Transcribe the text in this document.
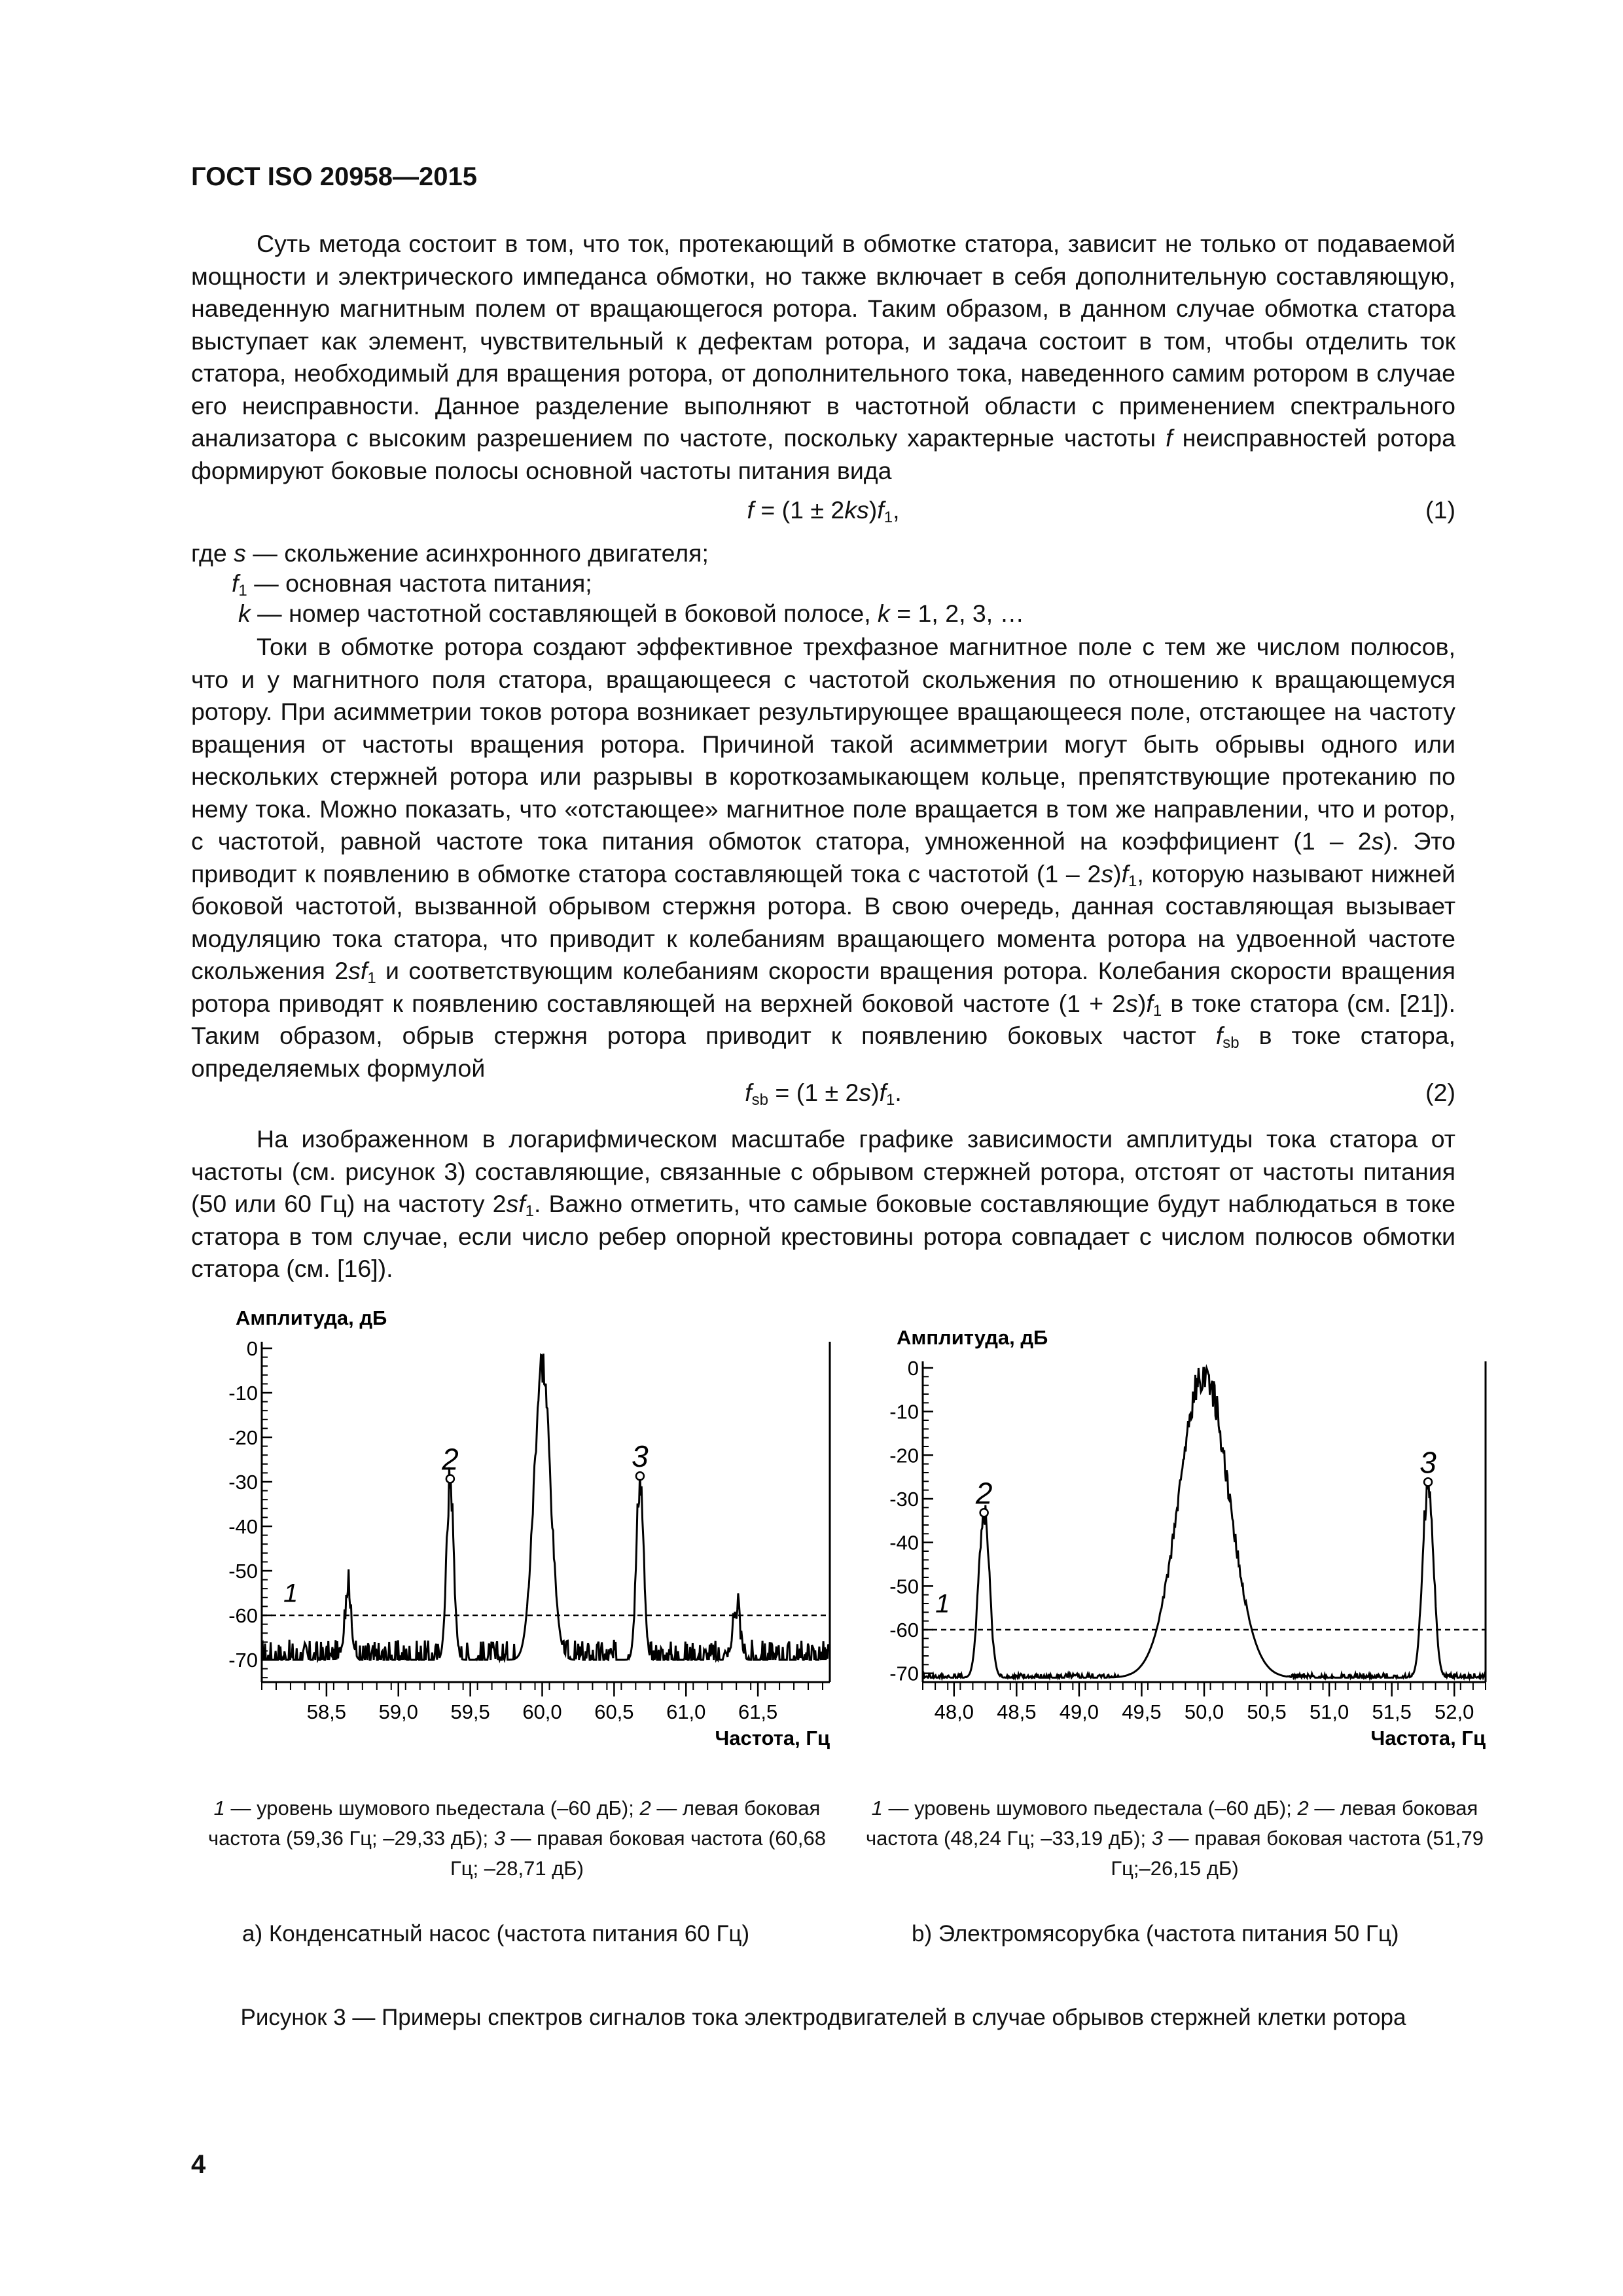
ГОСТ ISO 20958—2015

Суть метода состоит в том, что ток, протекающий в обмотке статора, зависит не только от подаваемой мощности и электрического импеданса обмотки, но также включает в себя дополнительную составляющую, наведенную магнитным полем от вращающегося ротора. Таким образом, в данном случае обмотка статора выступает как элемент, чувствительный к дефектам ротора, и задача состоит в том, чтобы отделить ток статора, необходимый для вращения ротора, от дополнительного тока, наведенного самим ротором в случае его неисправности. Данное разделение выполняют в частотной области с применением спектрального анализатора с высоким разрешением по частоте, поскольку характерные частоты f неисправностей ротора формируют боковые полосы основной частоты питания вида

$f = (1 \pm 2ks)f_1$,	(1)
где s — скольжение асинхронного двигателя;
$f_1$ — основная частота питания;
k — номер частотной составляющей в боковой полосе, k = 1, 2, 3, …

Токи в обмотке ротора создают эффективное трехфазное магнитное поле с тем же числом полюсов, что и у магнитного поля статора, вращающееся с частотой скольжения по отношению к вращающемуся ротору. При асимметрии токов ротора возникает результирующее вращающееся поле, отстающее на частоту вращения от частоты вращения ротора. Причиной такой асимметрии могут быть обрывы одного или нескольких стержней ротора или разрывы в короткозамыкающем кольце, препятствующие протеканию по нему тока. Можно показать, что «отстающее» магнитное поле вращается в том же направлении, что и ротор, с частотой, равной частоте тока питания обмоток статора, умноженной на коэффициент (1 – 2s). Это приводит к появлению в обмотке статора составляющей тока с частотой $(1 - 2s)f_1$, которую называют нижней боковой частотой, вызванной обрывом стержня ротора. В свою очередь, данная составляющая вызывает модуляцию тока статора, что приводит к колебаниям вращающего момента ротора на удвоенной частоте скольжения $2sf_1$ и соответствующим колебаниям скорости вращения ротора. Колебания скорости вращения ротора приводят к появлению составляющей на верхней боковой частоте $(1 + 2s)f_1$ в токе статора (см. [21]). Таким образом, обрыв стержня ротора приводит к появлению боковых частот $f_{sb}$ в токе статора, определяемых формулой

$f_{sb} = (1 \pm 2s)f_1$.	(2)

На изображенном в логарифмическом масштабе графике зависимости амплитуды тока статора от частоты (см. рисунок 3) составляющие, связанные с обрывом стержней ротора, отстоят от частоты питания (50 или 60 Гц) на частоту $2sf_1$. Важно отметить, что самые боковые составляющие будут наблюдаться в токе статора в том случае, если число ребер опорной крестовины ротора совпадает с числом полюсов обмотки статора (см. [16]).

Амплитуда, дБ
0
-10
-20
-30
-40
-50
-60
-70
58,5 59,0 59,5 60,0 60,5 61,0 61,5
Частота, Гц
1
2	3
Амплитуда, дБ
0
-10
-20
-30
-40
-50
-60
-70
48,0 48,5 49,0 49,5 50,0 50,5 51,0 51,5 52,0
Частота, Гц
1
2
3
1 — уровень шумового пьедестала (–60 дБ); 2 — левая боковая частота (59,36 Гц; –29,33 дБ); 3 — правая боковая частота (60,68 Гц; –28,71 дБ)
1 — уровень шумового пьедестала (–60 дБ); 2 — левая боковая частота (48,24 Гц; –33,19 дБ); 3 — правая боковая частота (51,79 Гц;–26,15 дБ)
a) Конденсатный насос (частота питания 60 Гц)	b) Электромясорубка (частота питания 50 Гц)
Рисунок 3 — Примеры спектров сигналов тока электродвигателей в случае обрывов стержней клетки ротора
4
